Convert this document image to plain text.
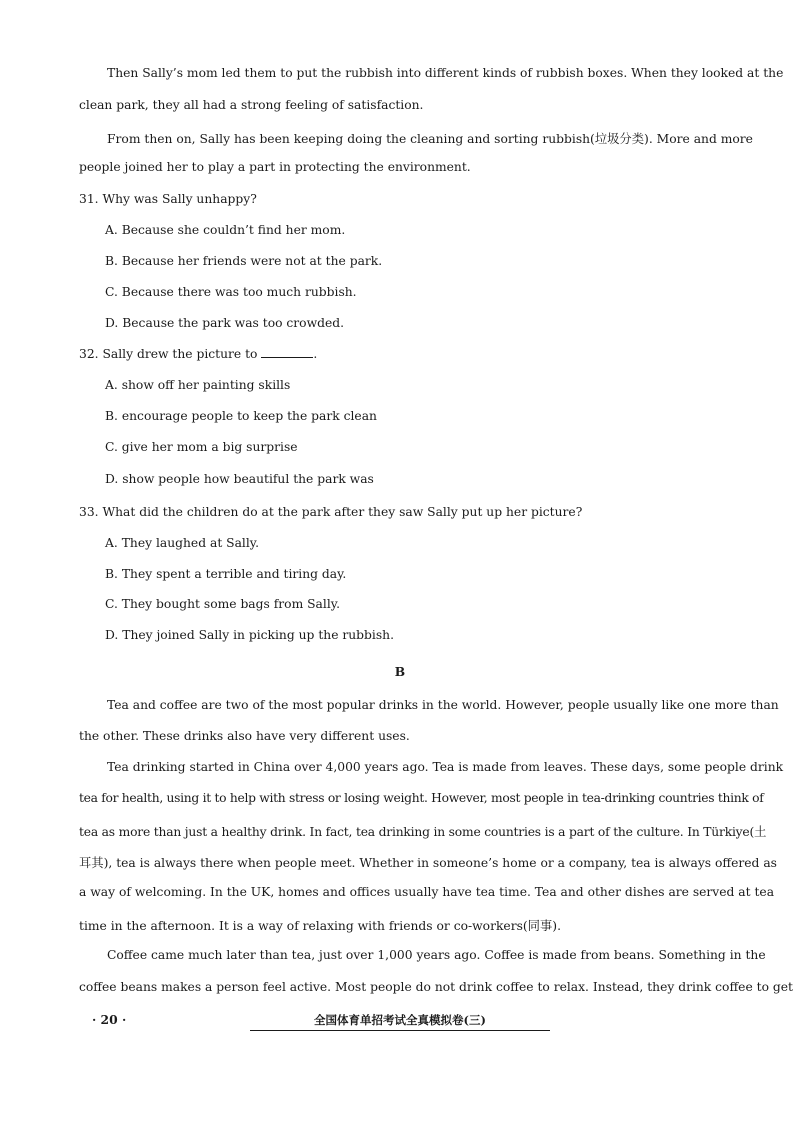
Then Sally’s mom led them to put the rubbish into different kinds of rubbish boxes. When they looked at the

clean park, they all had a strong feeling of satisfaction.

From then on, Sally has been keeping doing the cleaning and sorting rubbish(垃圾分类). More and more

people joined her to play a part in protecting the environment.

31. Why was Sally unhappy?

A. Because she couldn’t find her mom.

B. Because her friends were not at the park.

C. Because there was too much rubbish.

D. Because the park was too crowded.

32. Sally drew the picture to	.

A. show off her painting skills

B. encourage people to keep the park clean

C. give her mom a big surprise

D. show people how beautiful the park was

33. What did the children do at the park after they saw Sally put up her picture?

A. They laughed at Sally.

B. They spent a terrible and tiring day.

C. They bought some bags from Sally.

D. They joined Sally in picking up the rubbish.

B

Tea and coffee are two of the most popular drinks in the world. However, people usually like one more than

the other. These drinks also have very different uses.

Tea drinking started in China over 4,000 years ago. Tea is made from leaves. These days, some people drink

tea for health, using it to help with stress or losing weight. However, most people in tea-drinking countries think of

tea as more than just a healthy drink. In fact, tea drinking in some countries is a part of the culture. In Türkiye(土

耳其), tea is always there when people meet. Whether in someone’s home or a company, tea is always offered as

a way of welcoming. In the UK, homes and offices usually have tea time. Tea and other dishes are served at tea

time in the afternoon. It is a way of relaxing with friends or co-workers(同事).

Coffee came much later than tea, just over 1,000 years ago. Coffee is made from beans. Something in the

coffee beans makes a person feel active. Most people do not drink coffee to relax. Instead, they drink coffee to get

· 20 ·	全国体育单招考试全真模拟卷(三)
